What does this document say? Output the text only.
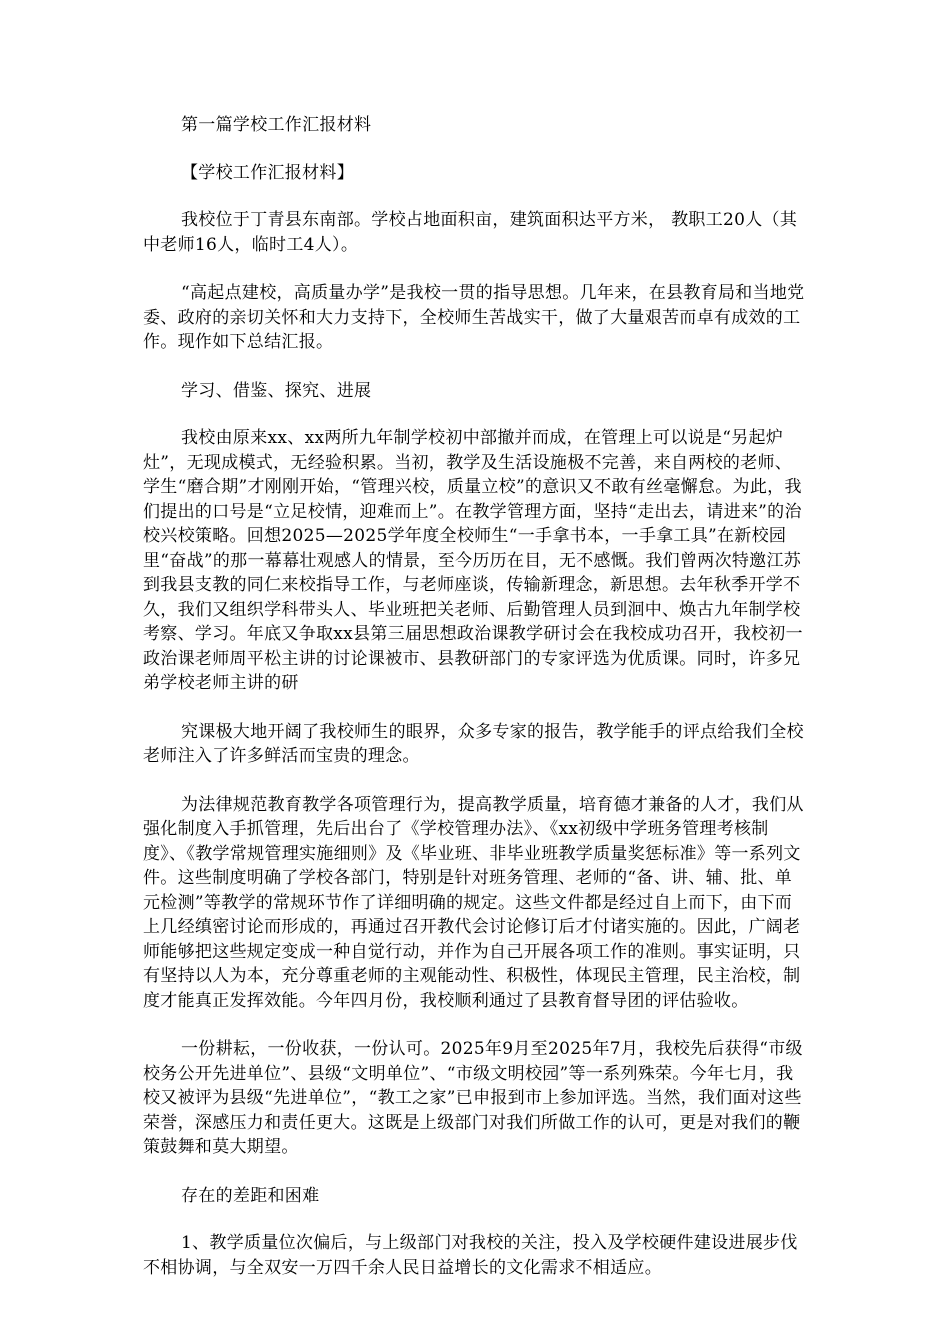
第一篇学校工作汇报材料

【学校工作汇报材料】

我校位于丁青县东南部。学校占地面积亩，建筑面积达平方米， 教职工20人（其中老师16人，临时工4人）。

“高起点建校，高质量办学”是我校一贯的指导思想。几年来，在县教育局和当地党委、政府的亲切关怀和大力支持下，全校师生苦战实干，做了大量艰苦而卓有成效的工作。现作如下总结汇报。

学习、借鉴、探究、进展

我校由原来xx、xx两所九年制学校初中部撤并而成，在管理上可以说是“另起炉灶”，无现成模式，无经验积累。当初，教学及生活设施极不完善，来自两校的老师、学生“磨合期”才刚刚开始，“管理兴校，质量立校”的意识又不敢有丝毫懈怠。为此，我们提出的口号是“立足校情，迎难而上”。在教学管理方面，坚持“走出去，请进来”的治校兴校策略。回想2025—2025学年度全校师生“一手拿书本，一手拿工具”在新校园里“奋战”的那一幕幕壮观感人的情景，至今历历在目，无不感慨。我们曾两次特邀江苏到我县支教的同仁来校指导工作，与老师座谈，传输新理念，新思想。去年秋季开学不久，我们又组织学科带头人、毕业班把关老师、后勤管理人员到洄中、焕古九年制学校考察、学习。年底又争取xx县第三届思想政治课教学研讨会在我校成功召开，我校初一政治课老师周平松主讲的讨论课被市、县教研部门的专家评选为优质课。同时，许多兄弟学校老师主讲的研

究课极大地开阔了我校师生的眼界，众多专家的报告，教学能手的评点给我们全校老师注入了许多鲜活而宝贵的理念。

为法律规范教育教学各项管理行为，提高教学质量，培育德才兼备的人才，我们从强化制度入手抓管理，先后出台了《学校管理办法》、《xx初级中学班务管理考核制度》、《教学常规管理实施细则》及《毕业班、非毕业班教学质量奖惩标准》等一系列文件。这些制度明确了学校各部门，特别是针对班务管理、老师的“备、讲、辅、批、单元检测”等教学的常规环节作了详细明确的规定。这些文件都是经过自上而下，由下而上几经缜密讨论而形成的，再通过召开教代会讨论修订后才付诸实施的。因此，广阔老师能够把这些规定变成一种自觉行动，并作为自己开展各项工作的准则。事实证明，只有坚持以人为本，充分尊重老师的主观能动性、积极性，体现民主管理，民主治校，制度才能真正发挥效能。今年四月份，我校顺利通过了县教育督导团的评估验收。

一份耕耘，一份收获，一份认可。2025年9月至2025年7月，我校先后获得“市级校务公开先进单位”、县级“文明单位”、“市级文明校园”等一系列殊荣。今年七月，我校又被评为县级“先进单位”，“教工之家”已申报到市上参加评选。当然，我们面对这些荣誉，深感压力和责任更大。这既是上级部门对我们所做工作的认可，更是对我们的鞭策鼓舞和莫大期望。

存在的差距和困难

1、教学质量位次偏后，与上级部门对我校的关注，投入及学校硬件建设进展步伐不相协调，与全双安一万四千余人民日益增长的文化需求不相适应。
